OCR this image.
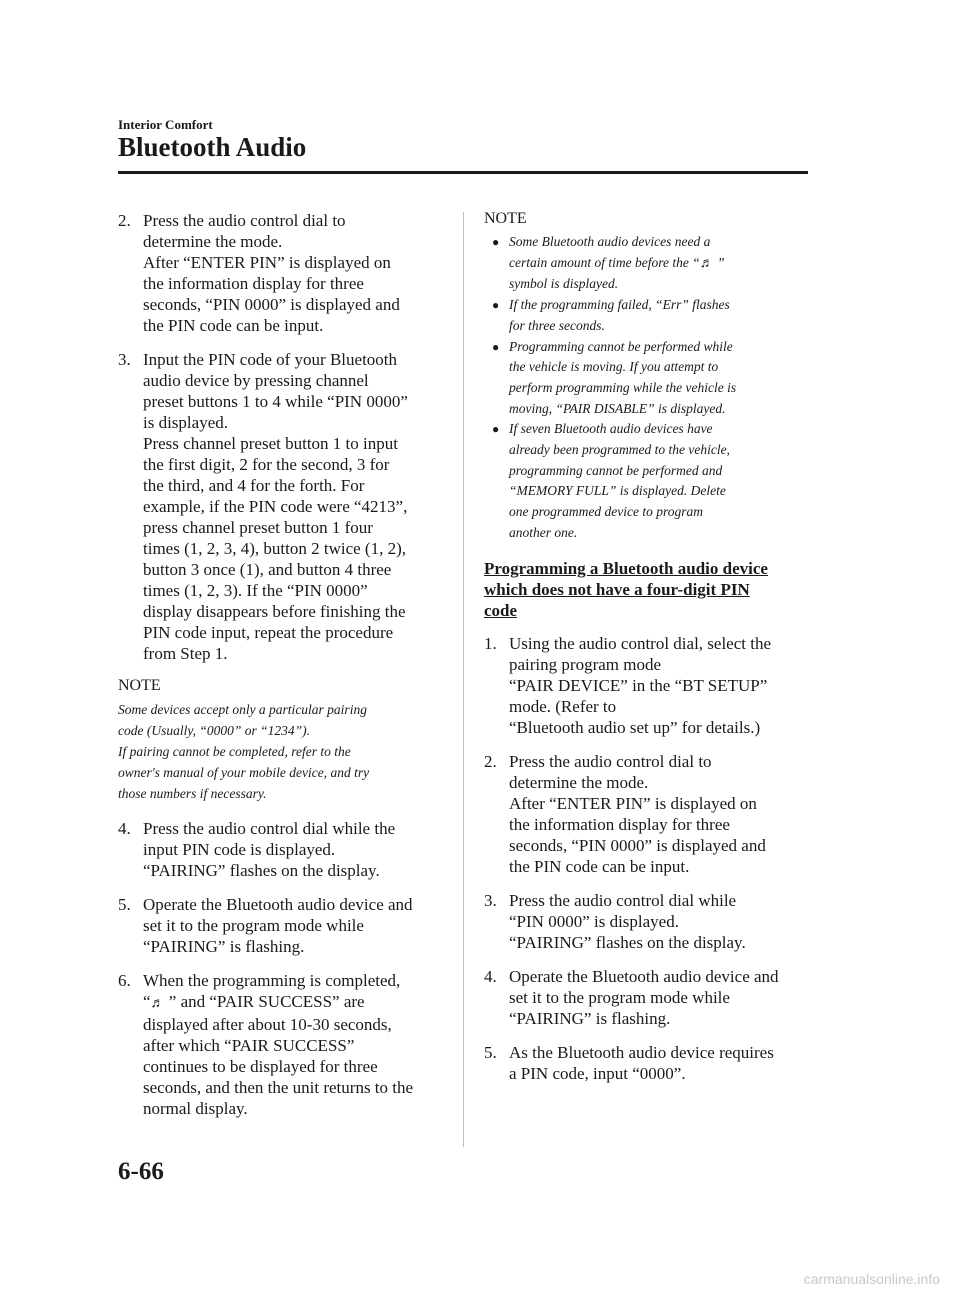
Interior Comfort
Bluetooth Audio
2. Press the audio control dial to
determine the mode.
After “ENTER PIN” is displayed on
the information display for three
seconds, “PIN 0000” is displayed and
the PIN code can be input.
3. Input the PIN code of your Bluetooth
audio device by pressing channel
preset buttons 1 to 4 while “PIN 0000”
is displayed.
Press channel preset button 1 to input
the first digit, 2 for the second, 3 for
the third, and 4 for the forth. For
example, if the PIN code were “4213”,
press channel preset button 1 four
times (1, 2, 3, 4), button 2 twice (1, 2),
button 3 once (1), and button 4 three
times (1, 2, 3). If the “PIN 0000”
display disappears before finishing the
PIN code input, repeat the procedure
from Step 1.
NOTE

Some devices accept only a particular pairing
code (Usually, “0000” or “1234”).

If pairing cannot be completed, refer to the
owner's manual of your mobile device, and try
those numbers if necessary.

4. Press the audio control dial while the
input PIN code is displayed.
“PAIRING” flashes on the display.
5. Operate the Bluetooth audio device and
set it to the program mode while
“PAIRING” is flashing.
6. When the programming is completed,
“♬ ” and “PAIR SUCCESS” are
displayed after about 10-30 seconds,
after which “PAIR SUCCESS”
continues to be displayed for three
seconds, and then the unit returns to the
normal display.
NOTE
● Some Bluetooth audio devices need a
certain amount of time before the “♬ ”
symbol is displayed.
● If the programming failed, “Err” flashes
for three seconds.
● Programming cannot be performed while
the vehicle is moving. If you attempt to
perform programming while the vehicle is
moving, “PAIR DISABLE” is displayed.
● If seven Bluetooth audio devices have
already been programmed to the vehicle,
programming cannot be performed and
“MEMORY FULL” is displayed. Delete
one programmed device to program
another one.
Programming a Bluetooth audio device
which does not have a four-digit PIN
code
1. Using the audio control dial, select the
pairing program mode
“PAIR DEVICE” in the “BT SETUP”
mode. (Refer to
“Bluetooth audio set up” for details.)
2. Press the audio control dial to
determine the mode.
After “ENTER PIN” is displayed on
the information display for three
seconds, “PIN 0000” is displayed and
the PIN code can be input.
3. Press the audio control dial while
“PIN 0000” is displayed.
“PAIRING” flashes on the display.
4. Operate the Bluetooth audio device and
set it to the program mode while
“PAIRING” is flashing.
5. As the Bluetooth audio device requires
a PIN code, input “0000”.
6-66
carmanualsonline.info
